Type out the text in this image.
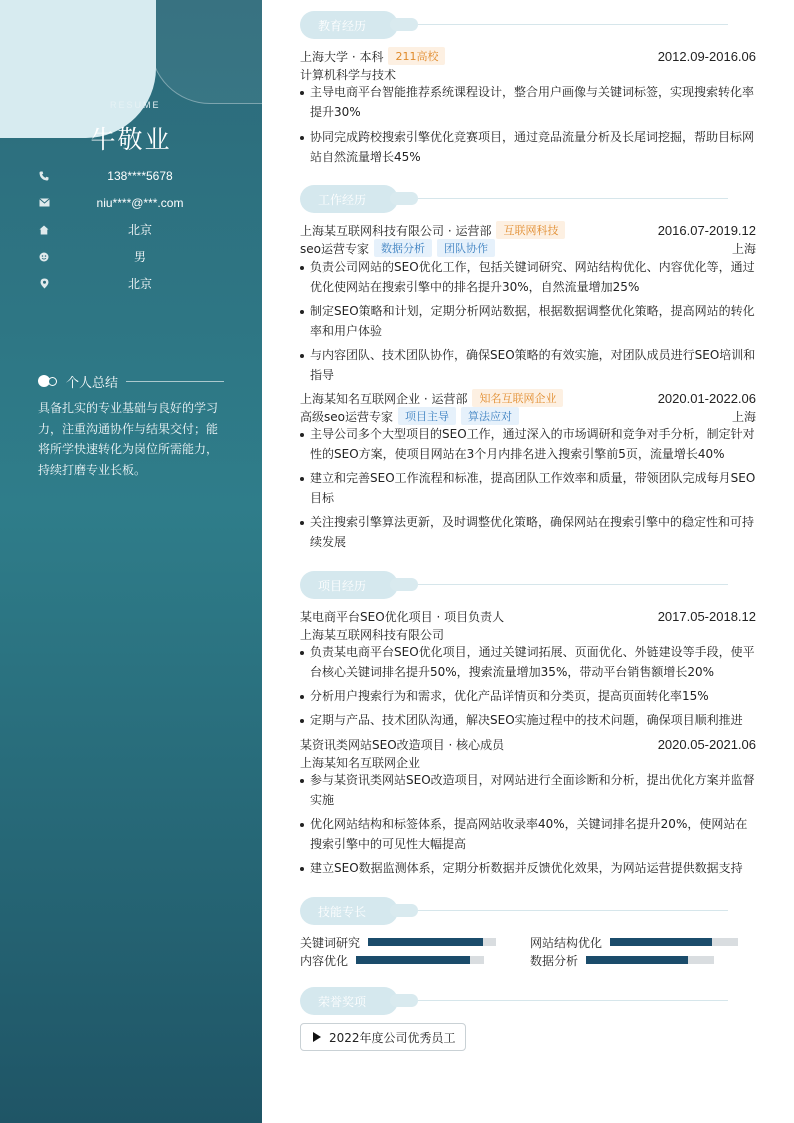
RESUME
牛敬业
138****5678
niu****@***.com
北京
男
北京
个人总结
具备扎实的专业基础与良好的学习力，注重沟通协作与结果交付；能将所学快速转化为岗位所需能力，持续打磨专业长板。
教育经历
上海大学 · 本科	211高校	2012.09-2016.06
计算机科学与技术
主导电商平台智能推荐系统课程设计，整合用户画像与关键词标签，实现搜索转化率提升30%
协同完成跨校搜索引擎优化竞赛项目，通过竞品流量分析及长尾词挖掘，帮助目标网站自然流量增长45%
工作经历
上海某互联网科技有限公司 · 运营部	互联网科技	2016.07-2019.12
seo运营专家	数据分析	团队协作	上海
负责公司网站的SEO优化工作，包括关键词研究、网站结构优化、内容优化等，通过优化使网站在搜索引擎中的排名提升30%，自然流量增加25%
制定SEO策略和计划，定期分析网站数据，根据数据调整优化策略，提高网站的转化率和用户体验
与内容团队、技术团队协作，确保SEO策略的有效实施，对团队成员进行SEO培训和指导
上海某知名互联网企业 · 运营部	知名互联网企业	2020.01-2022.06
高级seo运营专家	项目主导	算法应对	上海
主导公司多个大型项目的SEO工作，通过深入的市场调研和竞争对手分析，制定针对性的SEO方案，使项目网站在3个月内排名进入搜索引擎前5页，流量增长40%
建立和完善SEO工作流程和标准，提高团队工作效率和质量，带领团队完成每月SEO目标
关注搜索引擎算法更新，及时调整优化策略，确保网站在搜索引擎中的稳定性和可持续发展
项目经历
某电商平台SEO优化项目 · 项目负责人	2017.05-2018.12
上海某互联网科技有限公司
负责某电商平台SEO优化项目，通过关键词拓展、页面优化、外链建设等手段，使平台核心关键词排名提升50%，搜索流量增加35%，带动平台销售额增长20%
分析用户搜索行为和需求，优化产品详情页和分类页，提高页面转化率15%
定期与产品、技术团队沟通，解决SEO实施过程中的技术问题，确保项目顺利推进
某资讯类网站SEO改造项目 · 核心成员	2020.05-2021.06
上海某知名互联网企业
参与某资讯类网站SEO改造项目，对网站进行全面诊断和分析，提出优化方案并监督实施
优化网站结构和标签体系，提高网站收录率40%，关键词排名提升20%，使网站在搜索引擎中的可见性大幅提高
建立SEO数据监测体系，定期分析数据并反馈优化效果，为网站运营提供数据支持
技能专长
关键词研究	网站结构优化
内容优化	数据分析
荣誉奖项
2022年度公司优秀员工
